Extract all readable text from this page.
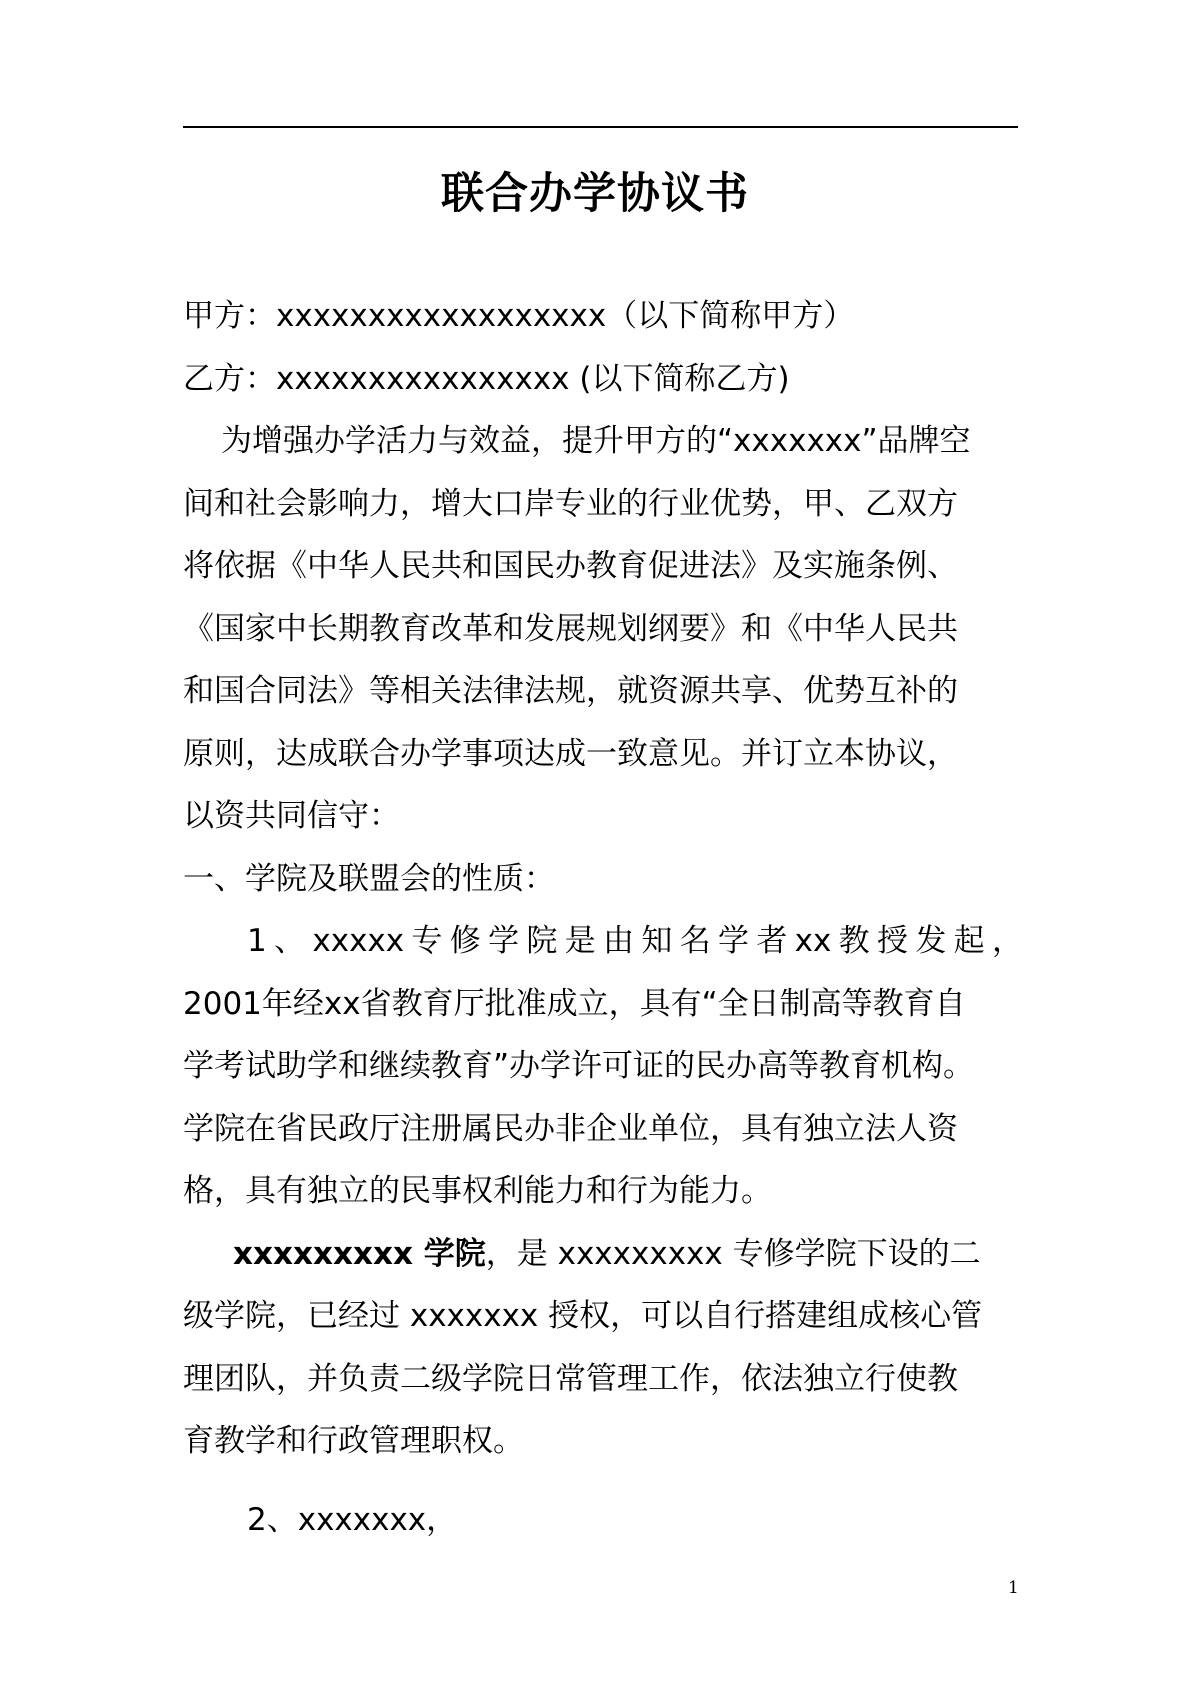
联合办学协议书
甲方：xxxxxxxxxxxxxxxxxx（以下简称甲方）
乙方：xxxxxxxxxxxxxxxx (以下简称乙方)
为增强办学活力与效益，提升甲方的“xxxxxxx”品牌空
间和社会影响力，增大口岸专业的行业优势，甲、乙双方
将依据《中华人民共和国民办教育促进法》及实施条例、
《国家中长期教育改革和发展规划纲要》和《中华人民共
和国合同法》等相关法律法规，就资源共享、优势互补的
原则，达成联合办学事项达成一致意见。并订立本协议，
以资共同信守：
一、学院及联盟会的性质：
1、xxxxx专修学院是由知名学者xx教授发起，
2001年经xx省教育厅批准成立，具有“全日制高等教育自
学考试助学和继续教育”办学许可证的民办高等教育机构。
学院在省民政厅注册属民办非企业单位，具有独立法人资
格，具有独立的民事权利能力和行为能力。
xxxxxxxxx 学院，是 xxxxxxxxx 专修学院下设的二
级学院，已经过 xxxxxxx 授权，可以自行搭建组成核心管
理团队，并负责二级学院日常管理工作，依法独立行使教
育教学和行政管理职权。
2、xxxxxxx，
1
